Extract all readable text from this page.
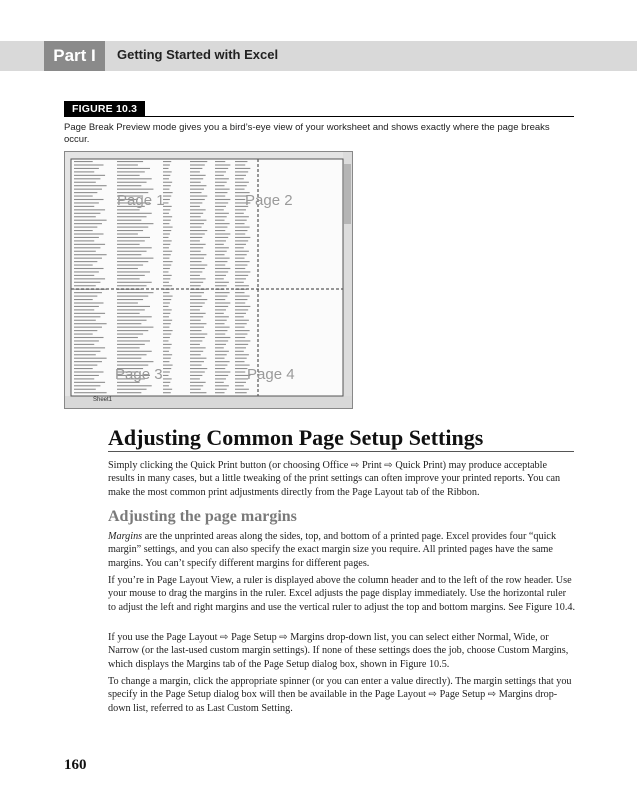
Part I	Getting Started with Excel
FIGURE 10.3

Page Break Preview mode gives you a bird’s-eye view of your worksheet and shows exactly where the page breaks occur.

Page 1	Page 2
Page 3	Page 4
Sheet1
Adjusting Common Page Setup Settings

Simply clicking the Quick Print button (or choosing Office ⇨ Print ⇨ Quick Print) may produce acceptable results in many cases, but a little tweaking of the print settings can often improve your printed reports. You can make the most common print adjustments directly from the Page Layout tab of the Ribbon.

Adjusting the page margins

Margins are the unprinted areas along the sides, top, and bottom of a printed page. Excel provides four “quick margin” settings, and you can also specify the exact margin size you require. All printed pages have the same margins. You can’t specify different margins for different pages.

If you’re in Page Layout View, a ruler is displayed above the column header and to the left of the row header. Use your mouse to drag the margins in the ruler. Excel adjusts the page display immediately. Use the horizontal ruler to adjust the left and right margins and use the vertical ruler to adjust the top and bottom margins. See Figure 10.4.

If you use the Page Layout ⇨ Page Setup ⇨ Margins drop-down list, you can select either Normal, Wide, or Narrow (or the last-used custom margin settings). If none of these settings does the job, choose Custom Margins, which displays the Margins tab of the Page Setup dialog box, shown in Figure 10.5.

To change a margin, click the appropriate spinner (or you can enter a value directly). The margin settings that you specify in the Page Setup dialog box will then be available in the Page Layout ⇨ Page Setup ⇨ Margins drop-down list, referred to as Last Custom Setting.

160
